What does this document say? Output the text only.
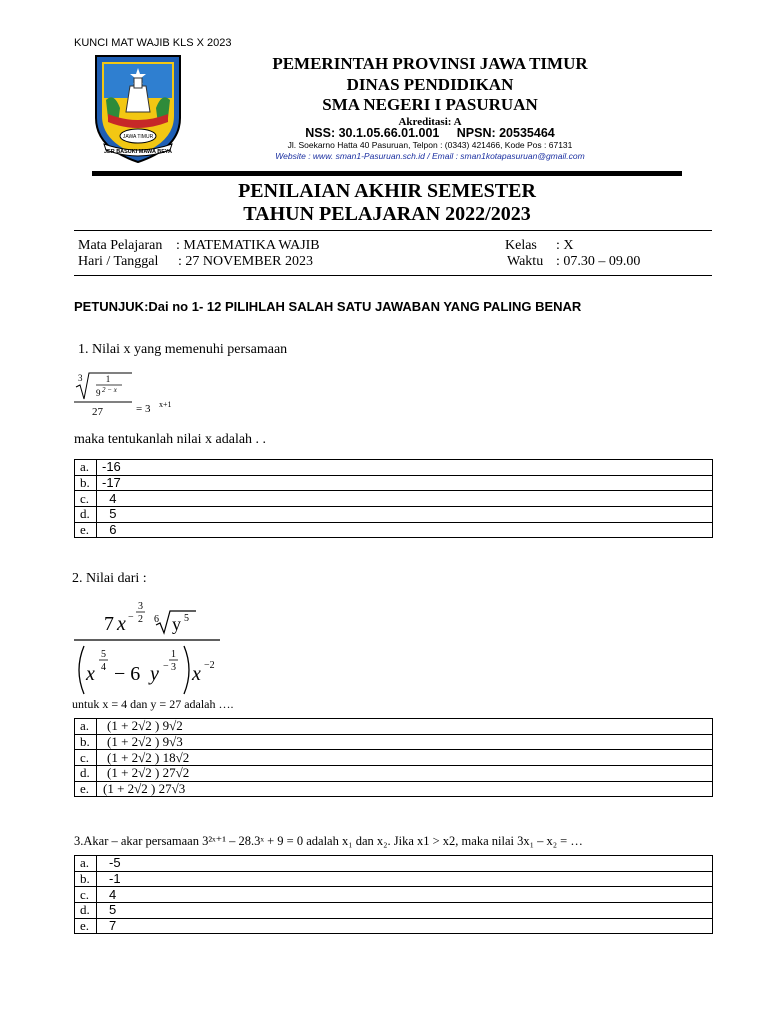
KUNCI MAT WAJIB KLS X 2023
JAWA TIMUR
JER BASUKI MAWA BEYA
PEMERINTAH PROVINSI JAWA TIMUR
DINAS PENDIDIKAN
SMA NEGERI I PASURUAN
Akreditasi: A
NSS: 30.1.05.66.01.001     NPSN: 20535464
Jl. Soekarno Hatta 40 Pasuruan, Telpon : (0343) 421466, Kode Pos : 67131
Website : www. sman1-Pasuruan.sch.id / Email : sman1kotapasuruan@gmail.com
PENILAIAN AKHIR SEMESTER
TAHUN PELAJARAN 2022/2023
Mata Pelajaran : MATEMATIKA WAJIB	Kelas : X
Hari / Tanggal : 27 NOVEMBER 2023	Waktu : 07.30 – 09.00
PETUNJUK:Dai no 1- 12 PILIHLAH SALAH SATU JAWABAN YANG PALING BENAR
1. Nilai x yang memenuhi persamaan
3	1
9 2 − x
27	= 3 x+1
maka tentukanlah nilai x adalah . .
a.	-16
b.	-17
c.	4
d.	5
e.	6
2. Nilai dari :
7 x −
3
2 6 y 5
x
5
4 − 6 y −
1
3 x −2
untuk x = 4 dan y = 27 adalah ….
a.	(1 + 2√2 ) 9√2
b.	(1 + 2√2 ) 9√3
c.	(1 + 2√2 ) 18√2
d.	(1 + 2√2 ) 27√2
e.	(1 + 2√2 ) 27√3
3.Akar – akar persamaan 3²ˣ⁺¹ – 28.3ˣ + 9 = 0 adalah x₁ dan x₂. Jika x1 > x2, maka nilai 3x₁ – x₂ = …
a.	-5
b.	-1
c.	4
d.	5
e.	7
